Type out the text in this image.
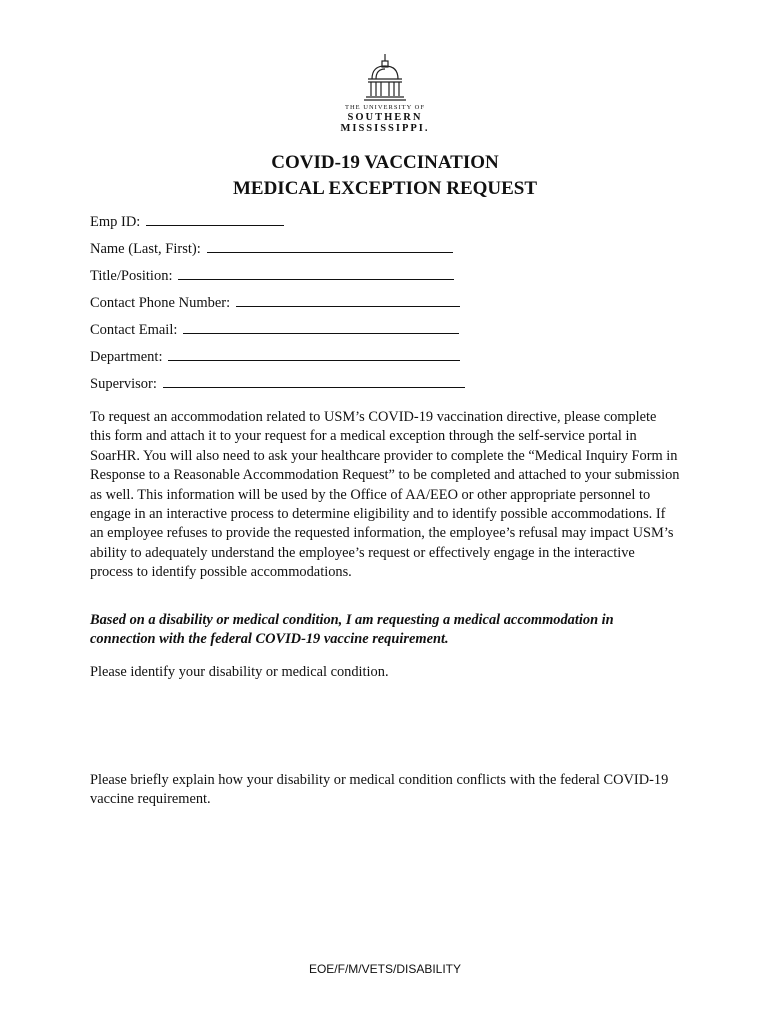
THE UNIVERSITY OF
SOUTHERN
MISSISSIPPI.
COVID-19 VACCINATION
MEDICAL EXCEPTION REQUEST
Emp ID:
Name (Last, First):
Title/Position:
Contact Phone Number:
Contact Email:
Department:
Supervisor:
To request an accommodation related to USM’s COVID-19 vaccination directive, please complete this form and attach it to your request for a medical exception through the self-service portal in SoarHR. You will also need to ask your healthcare provider to complete the “Medical Inquiry Form in Response to a Reasonable Accommodation Request” to be completed and attached to your submission as well. This information will be used by the Office of AA/EEO or other appropriate personnel to engage in an interactive process to determine eligibility and to identify possible accommodations. If an employee refuses to provide the requested information, the employee’s refusal may impact USM’s ability to adequately understand the employee’s request or effectively engage in the interactive process to identify possible accommodations.
Based on a disability or medical condition, I am requesting a medical accommodation in connection with the federal COVID-19 vaccine requirement.
Please identify your disability or medical condition.
Please briefly explain how your disability or medical condition conflicts with the federal COVID-19 vaccine requirement.
EOE/F/M/VETS/DISABILITY
